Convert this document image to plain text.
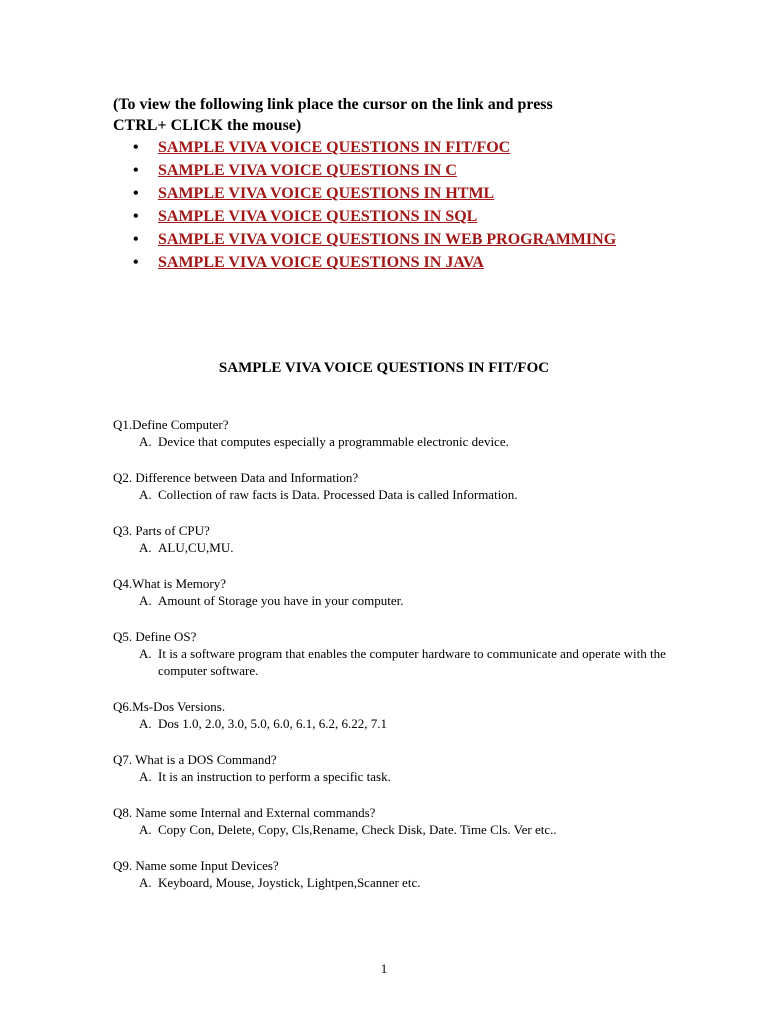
(To view the following link place the cursor on the link and press
CTRL+ CLICK the mouse)
• SAMPLE VIVA VOICE QUESTIONS IN FIT/FOC
• SAMPLE VIVA VOICE QUESTIONS IN C
• SAMPLE VIVA VOICE QUESTIONS IN HTML
• SAMPLE VIVA VOICE QUESTIONS IN SQL
• SAMPLE VIVA VOICE QUESTIONS IN WEB PROGRAMMING
• SAMPLE VIVA VOICE QUESTIONS IN JAVA
SAMPLE VIVA VOICE QUESTIONS IN FIT/FOC
Q1.Define Computer?
A. Device that computes especially a programmable electronic device.
Q2. Difference between Data and Information?
A. Collection of raw facts is Data. Processed Data is called Information.
Q3. Parts of CPU?
A. ALU,CU,MU.
Q4.What is Memory?
A. Amount of Storage you have in your computer.
Q5. Define OS?
A. It is a software program that enables the computer hardware to communicate and operate with the computer software.
Q6.Ms-Dos Versions.
A. Dos 1.0, 2.0, 3.0, 5.0, 6.0, 6.1, 6.2, 6.22, 7.1
Q7. What is a DOS Command?
A. It is an instruction to perform a specific task.
Q8. Name some Internal and External commands?
A. Copy Con, Delete, Copy, Cls,Rename, Check Disk, Date. Time Cls. Ver etc..
Q9. Name some Input Devices?
A. Keyboard, Mouse, Joystick, Lightpen,Scanner etc.
1
